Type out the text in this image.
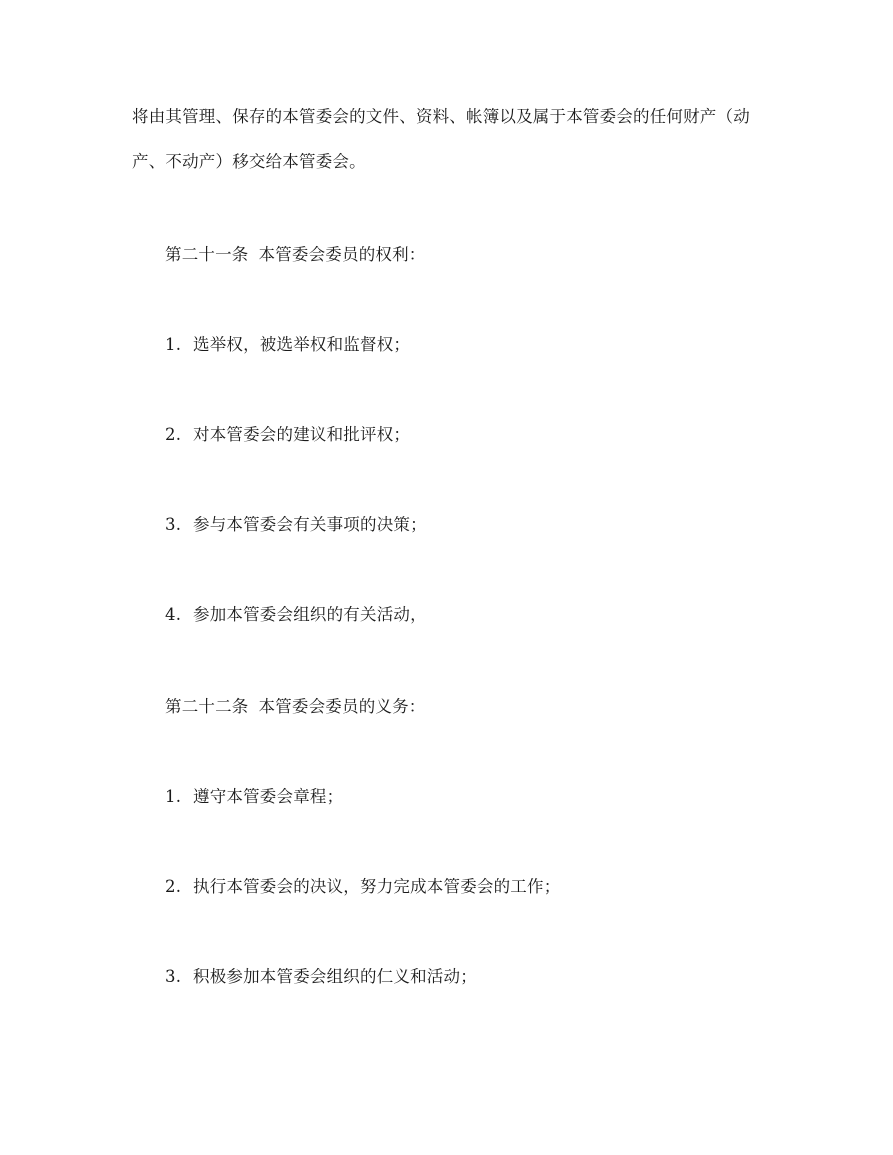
将由其管理、保存的本管委会的文件、资料、帐簿以及属于本管委会的任何财产（动
产、不动产）移交给本管委会。
第二十一条 本管委会委员的权利：
1. 选举权，被选举权和监督权；
2. 对本管委会的建议和批评权；
3. 参与本管委会有关事项的决策；
4. 参加本管委会组织的有关活动，
第二十二条 本管委会委员的义务：
1. 遵守本管委会章程；
2. 执行本管委会的决议，努力完成本管委会的工作；
3. 积极参加本管委会组织的仁义和活动；
